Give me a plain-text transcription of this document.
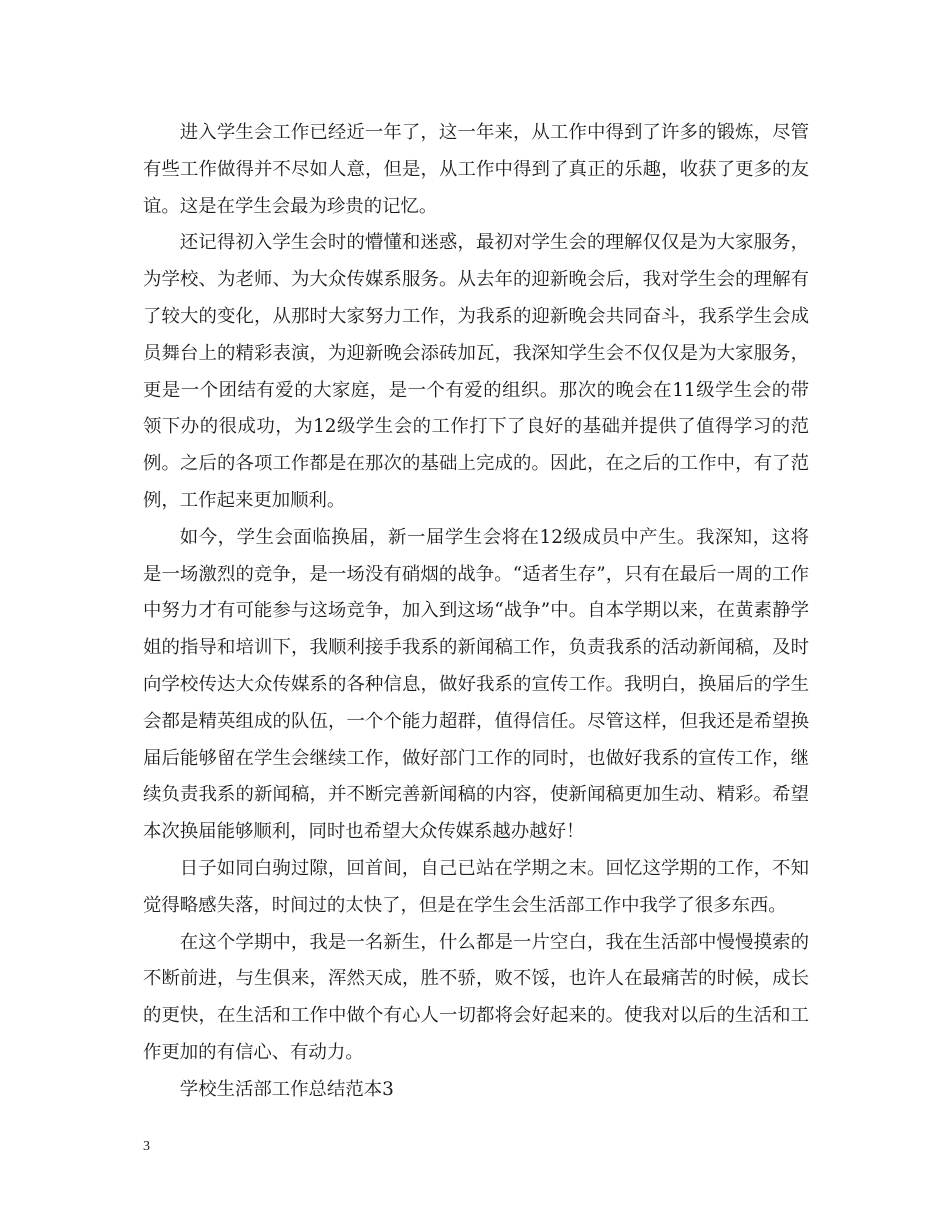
进入学生会工作已经近一年了，这一年来，从工作中得到了许多的锻炼，尽管有些工作做得并不尽如人意，但是，从工作中得到了真正的乐趣，收获了更多的友谊。这是在学生会最为珍贵的记忆。

还记得初入学生会时的懵懂和迷惑，最初对学生会的理解仅仅是为大家服务，为学校、为老师、为大众传媒系服务。从去年的迎新晚会后，我对学生会的理解有了较大的变化，从那时大家努力工作，为我系的迎新晚会共同奋斗，我系学生会成员舞台上的精彩表演，为迎新晚会添砖加瓦，我深知学生会不仅仅是为大家服务，更是一个团结有爱的大家庭，是一个有爱的组织。那次的晚会在11级学生会的带领下办的很成功，为12级学生会的工作打下了良好的基础并提供了值得学习的范例。之后的各项工作都是在那次的基础上完成的。因此，在之后的工作中，有了范例，工作起来更加顺利。

如今，学生会面临换届，新一届学生会将在12级成员中产生。我深知，这将是一场激烈的竞争，是一场没有硝烟的战争。“适者生存”，只有在最后一周的工作中努力才有可能参与这场竞争，加入到这场“战争”中。自本学期以来，在黄素静学姐的指导和培训下，我顺利接手我系的新闻稿工作，负责我系的活动新闻稿，及时向学校传达大众传媒系的各种信息，做好我系的宣传工作。我明白，换届后的学生会都是精英组成的队伍，一个个能力超群，值得信任。尽管这样，但我还是希望换届后能够留在学生会继续工作，做好部门工作的同时，也做好我系的宣传工作，继续负责我系的新闻稿，并不断完善新闻稿的内容，使新闻稿更加生动、精彩。希望本次换届能够顺利，同时也希望大众传媒系越办越好！

日子如同白驹过隙，回首间，自己已站在学期之末。回忆这学期的工作，不知觉得略感失落，时间过的太快了，但是在学生会生活部工作中我学了很多东西。

在这个学期中，我是一名新生，什么都是一片空白，我在生活部中慢慢摸索的不断前进，与生俱来，浑然天成，胜不骄，败不馁，也许人在最痛苦的时候，成长的更快，在生活和工作中做个有心人一切都将会好起来的。使我对以后的生活和工作更加的有信心、有动力。

学校生活部工作总结范本3

3
